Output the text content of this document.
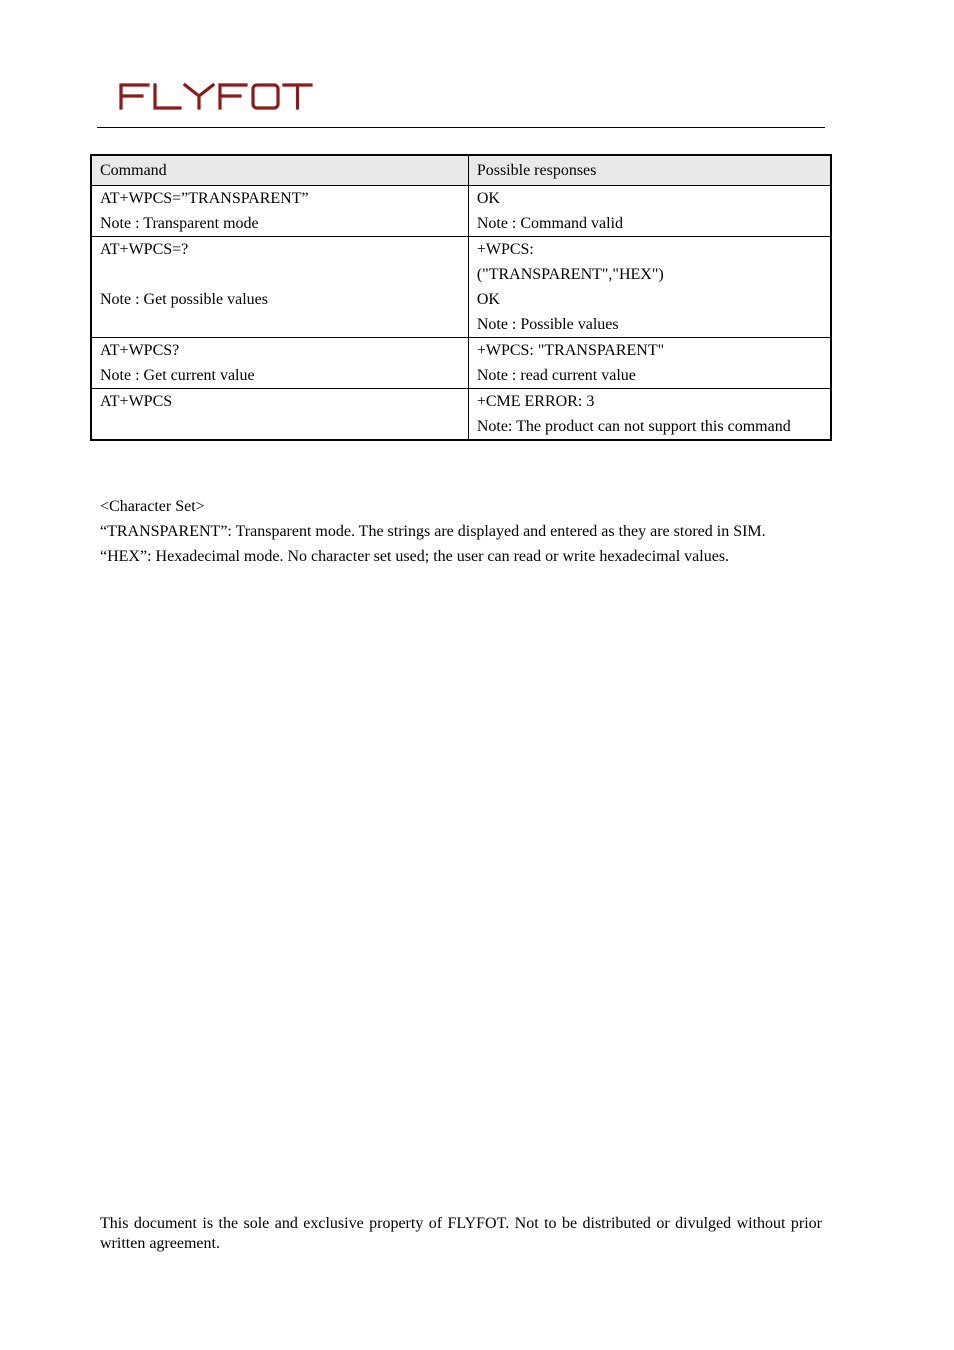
Command	Possible responses

AT+WPCS=”TRANSPARENT”
Note : Transparent mode	OK
Note : Command valid

AT+WPCS=?
Note : Get possible values	+WPCS:
("TRANSPARENT","HEX")
OK
Note : Possible values

AT+WPCS?
Note : Get current value	+WPCS: "TRANSPARENT"
Note : read current value

AT+WPCS	+CME ERROR: 3
Note: The product can not support this command
<Character Set>
“TRANSPARENT”: Transparent mode. The strings are displayed and entered as they are stored in SIM.
“HEX”: Hexadecimal mode. No character set used; the user can read or write hexadecimal values.
This document is the sole and exclusive property of FLYFOT. Not to be distributed or divulged without prior written agreement.
